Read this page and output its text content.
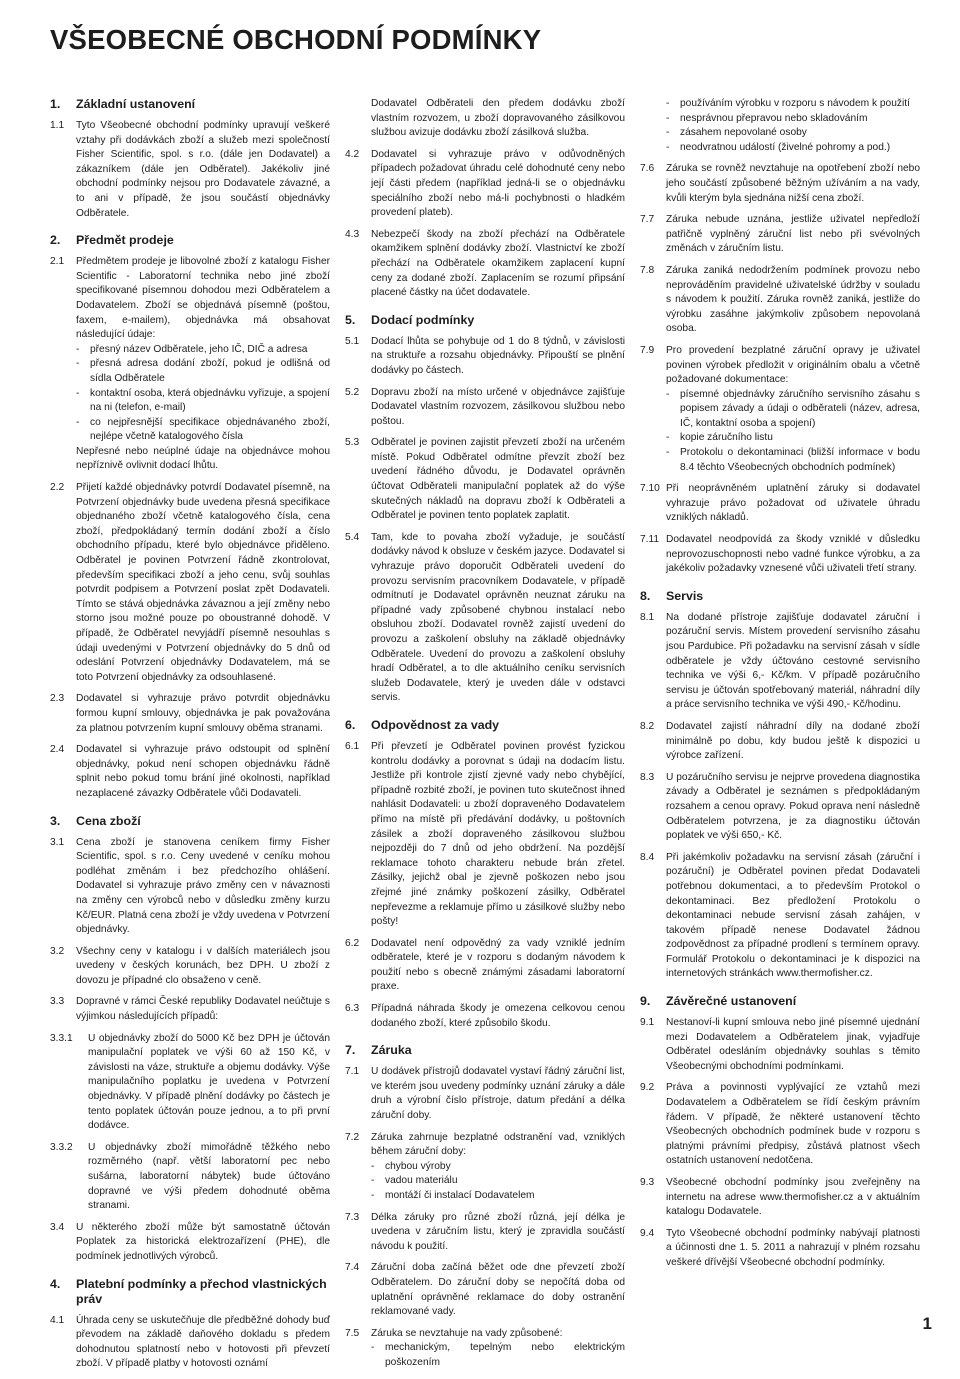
VŠEOBECNÉ OBCHODNÍ PODMÍNKY
1.	Základní ustanovení
1.1	Tyto Všeobecné obchodní podmínky upravují veškeré vztahy při dodávkách zboží a služeb mezi společností Fisher Scientific, spol. s r.o. (dále jen Dodavatel) a zákazníkem (dále jen Odběratel). Jakékoliv jiné obchodní podmínky nejsou pro Dodavatele závazné, a to ani v případě, že jsou součástí objednávky Odběratele.
2.	Předmět prodeje
2.1	Předmětem prodeje je libovolné zboží z katalogu Fisher Scientific - Laboratorní technika nebo jiné zboží specifikované písemnou dohodou mezi Odběratelem a Dodavatelem. Zboží se objednává písemně (poštou, faxem, e-mailem), objednávka má obsahovat následující údaje:
- přesný název Odběratele, jeho IČ, DIČ a adresa
- přesná adresa dodání zboží, pokud je odlišná od sídla Odběratele
- kontaktní osoba, která objednávku vyřizuje, a spojení na ni (telefon, e-mail)
- co nejpřesnější specifikace objednávaného zboží, nejlépe včetně katalogového čísla
Nepřesné nebo neúplné údaje na objednávce mohou nepříznivě ovlivnit dodací lhůtu.
2.2	Přijetí každé objednávky potvrdí Dodavatel písemně, na Potvrzení objednávky bude uvedena přesná specifikace objednaného zboží včetně katalogového čísla, cena zboží, předpokládaný termín dodání zboží a číslo obchodního případu, které bylo objednávce přiděleno. Odběratel je povinen Potvrzení řádně zkontrolovat, především specifikaci zboží a jeho cenu, svůj souhlas potvrdit podpisem a Potvrzení poslat zpět Dodavateli. Tímto se stává objednávka závaznou a její změny nebo storno jsou možné pouze po oboustranné dohodě. V případě, že Odběratel nevyjádří písemně nesouhlas s údaji uvedenými v Potvrzení objednávky do 5 dnů od odeslání Potvrzení objednávky Dodavatelem, má se toto Potvrzení objednávky za odsouhlasené.
2.3	Dodavatel si vyhrazuje právo potvrdit objednávku formou kupní smlouvy, objednávka je pak považována za platnou potvrzením kupní smlouvy oběma stranami.
2.4	Dodavatel si vyhrazuje právo odstoupit od splnění objednávky, pokud není schopen objednávku řádně splnit nebo pokud tomu brání jiné okolnosti, například nezaplacené závazky Odběratele vůči Dodavateli.
3.	Cena zboží
3.1	Cena zboží je stanovena ceníkem firmy Fisher Scientific, spol. s r.o. Ceny uvedené v ceníku mohou podléhat změnám i bez předchozího ohlášení. Dodavatel si vyhrazuje právo změny cen v návaznosti na změny cen výrobců nebo v důsledku změny kurzu Kč/EUR. Platná cena zboží je vždy uvedena v Potvrzení objednávky.
3.2	Všechny ceny v katalogu i v dalších materiálech jsou uvedeny v českých korunách, bez DPH. U zboží z dovozu je případné clo obsaženo v ceně.
3.3	Dopravné v rámci České republiky Dodavatel neúčtuje s výjimkou následujících případů:
3.3.1	U objednávky zboží do 5000 Kč bez DPH je účtován manipulační poplatek ve výši 60 až 150 Kč, v závislosti na váze, struktuře a objemu dodávky. Výše manipulačního poplatku je uvedena v Potvrzení objednávky. V případě plnění dodávky po částech je tento poplatek účtován pouze jednou, a to při první dodávce.
3.3.2	U objednávky zboží mimořádně těžkého nebo rozměrného (např. větší laboratorní pec nebo sušárna, laboratorní nábytek) bude účtováno dopravné ve výši předem dohodnuté oběma stranami.
3.4	U některého zboží může být samostatně účtován Poplatek za historická elektrozařízení (PHE), dle podmínek jednotlivých výrobců.
4.	Platební podmínky a přechod vlastnických práv
4.1	Úhrada ceny se uskutečňuje dle předběžné dohody buď převodem na základě daňového dokladu s předem dohodnutou splatností nebo v hotovosti při převzetí zboží. V případě platby v hotovosti oznámí
Dodavatel Odběrateli den předem dodávku zboží vlastním rozvozem, u zboží dopravovaného zásilkovou službou avizuje dodávku zboží zásilková služba.
4.2	Dodavatel si vyhrazuje právo v odůvodněných případech požadovat úhradu celé dohodnuté ceny nebo její části předem (například jedná-li se o objednávku speciálního zboží nebo má-li pochybnosti o hladkém provedení plateb).
4.3	Nebezpečí škody na zboží přechází na Odběratele okamžikem splnění dodávky zboží. Vlastnictví ke zboží přechází na Odběratele okamžikem zaplacení kupní ceny za dodané zboží. Zaplacením se rozumí připsání placené částky na účet dodavatele.
5.	Dodací podmínky
5.1	Dodací lhůta se pohybuje od 1 do 8 týdnů, v závislosti na struktuře a rozsahu objednávky. Připouští se plnění dodávky po částech.
5.2	Dopravu zboží na místo určené v objednávce zajišťuje Dodavatel vlastním rozvozem, zásilkovou službou nebo poštou.
5.3	Odběratel je povinen zajistit převzetí zboží na určeném místě. Pokud Odběratel odmítne převzít zboží bez uvedení řádného důvodu, je Dodavatel oprávněn účtovat Odběrateli manipulační poplatek až do výše skutečných nákladů na dopravu zboží k Odběrateli a Odběratel je povinen tento poplatek zaplatit.
5.4	Tam, kde to povaha zboží vyžaduje, je součástí dodávky návod k obsluze v českém jazyce. Dodavatel si vyhrazuje právo doporučit Odběrateli uvedení do provozu servisním pracovníkem Dodavatele, v případě odmítnutí je Dodavatel oprávněn neuznat záruku na případné vady způsobené chybnou instalací nebo obsluhou zboží. Dodavatel rovněž zajistí uvedení do provozu a zaškolení obsluhy na základě objednávky Odběratele. Uvedení do provozu a zaškolení obsluhy hradí Odběratel, a to dle aktuálního ceníku servisních služeb Dodavatele, který je uveden dále v odstavci servis.
6.	Odpovědnost za vady
6.1	Při převzetí je Odběratel povinen provést fyzickou kontrolu dodávky a porovnat s údaji na dodacím listu. Jestliže při kontrole zjistí zjevné vady nebo chybějící, případně rozbité zboží, je povinen tuto skutečnost ihned nahlásit Dodavateli: u zboží dopraveného Dodavatelem přímo na místě při předávání dodávky, u poštovních zásilek a zboží dopraveného zásilkovou službou nejpozději do 7 dnů od jeho obdržení. Na pozdější reklamace tohoto charakteru nebude brán zřetel. Zásilky, jejichž obal je zjevně poškozen nebo jsou zřejmé jiné známky poškození zásilky, Odběratel nepřevezme a reklamuje přímo u zásilkové služby nebo pošty!
6.2	Dodavatel není odpovědný za vady vzniklé jedním odběratele, které je v rozporu s dodaným návodem k použití nebo s obecně známými zásadami laboratorní praxe.
6.3	Případná náhrada škody je omezena celkovou cenou dodaného zboží, které způsobilo škodu.
7.	Záruka
7.1	U dodávek přístrojů dodavatel vystaví řádný záruční list, ve kterém jsou uvedeny podmínky uznání záruky a dále druh a výrobní číslo přístroje, datum předání a délka záruční doby.
7.2	Záruka zahrnuje bezplatné odstranění vad, vzniklých během záruční doby:
- chybou výroby
- vadou materiálu
- montáží či instalací Dodavatelem
7.3	Délka záruky pro různé zboží různá, její délka je uvedena v záručním listu, který je zpravidla součástí návodu k použití.
7.4	Záruční doba začíná běžet ode dne převzetí zboží Odběratelem. Do záruční doby se nepočítá doba od uplatnění oprávněné reklamace do doby ostranění reklamované vady.
7.5	Záruka se nevztahuje na vady způsobené:
- mechanickým, tepelným nebo elektrickým poškozením
- používáním výrobku v rozporu s návodem k použití
- nesprávnou přepravou nebo skladováním
- zásahem nepovolané osoby
- neodvratnou událostí (živelné pohromy a pod.)
7.6	Záruka se rovněž nevztahuje na opotřebení zboží nebo jeho součástí způsobené běžným užíváním a na vady, kvůli kterým byla sjednána nižší cena zboží.
7.7	Záruka nebude uznána, jestliže uživatel nepředloží patřičně vyplněný záruční list nebo při svévolných změnách v záručním listu.
7.8	Záruka zaniká nedodržením podmínek provozu nebo neprováděním pravidelné uživatelské údržby v souladu s návodem k použití. Záruka rovněž zaniká, jestliže do výrobku zasáhne jakýmkoliv způsobem nepovolaná osoba.
7.9	Pro provedení bezplatné záruční opravy je uživatel povinen výrobek předložit v originálním obalu a včetně požadované dokumentace:
- písemné objednávky záručního servisního zásahu s popisem závady a údaji o odběrateli (název, adresa, IČ, kontaktní osoba a spojení)
- kopie záručního listu
- Protokolu o dekontaminaci (bližší informace v bodu 8.4 těchto Všeobecných obchodních podmínek)
7.10 Při neoprávněném uplatnění záruky si dodavatel vyhrazuje právo požadovat od uživatele úhradu vzniklých nákladů.
7.11 Dodavatel neodpovídá za škody vzniklé v důsledku neprovozuschopnosti nebo vadné funkce výrobku, a za jakékoliv požadavky vznesené vůči uživateli třetí strany.
8.	Servis
8.1	Na dodané přístroje zajišťuje dodavatel záruční i pozáruční servis. Místem provedení servisního zásahu jsou Pardubice. Při požadavku na servisní zásah v sídle odběratele je vždy účtováno cestovné servisního technika ve výši 6,- Kč/km. V případě pozáručního servisu je účtován spotřebovaný materiál, náhradní díly a práce servisního technika ve výši 490,- Kč/hodinu.
8.2	Dodavatel zajistí náhradní díly na dodané zboží minimálně po dobu, kdy budou ještě k dispozici u výrobce zařízení.
8.3	U pozáručního servisu je nejprve provedena diagnostika závady a Odběratel je seznámen s předpokládaným rozsahem a cenou opravy. Pokud oprava není následně Odběratelem potvrzena, je za diagnostiku účtován poplatek ve výši 650,- Kč.
8.4	Při jakémkoliv požadavku na servisní zásah (záruční i pozáruční) je Odběratel povinen předat Dodavateli potřebnou dokumentaci, a to především Protokol o dekontaminaci. Bez předložení Protokolu o dekontaminaci nebude servisní zásah zahájen, v takovém případě nenese Dodavatel žádnou zodpovědnost za případné prodlení s termínem opravy. Formulář Protokolu o dekontaminaci je k dispozici na internetových stránkách www.thermofisher.cz.
9.	Závěrečné ustanovení
9.1	Nestanoví-li kupní smlouva nebo jiné písemné ujednání mezi Dodavatelem a Odběratelem jinak, vyjadřuje Odběratel odesláním objednávky souhlas s těmito Všeobecnými obchodními podmínkami.
9.2	Práva a povinnosti vyplývající ze vztahů mezi Dodavatelem a Odběratelem se řídí českým právním řádem. V případě, že některé ustanovení těchto Všeobecných obchodních podmínek bude v rozporu s platnými právními předpisy, zůstává platnost všech ostatních ustanovení nedotčena.
9.3	Všeobecné obchodní podmínky jsou zveřejněny na internetu na adrese www.thermofisher.cz a v aktuálním katalogu Dodavatele.
9.4	Tyto Všeobecné obchodní podmínky nabývají platnosti a účinnosti dne 1. 5. 2011 a nahrazují v plném rozsahu veškeré dřívější Všeobecné obchodní podmínky.
1
